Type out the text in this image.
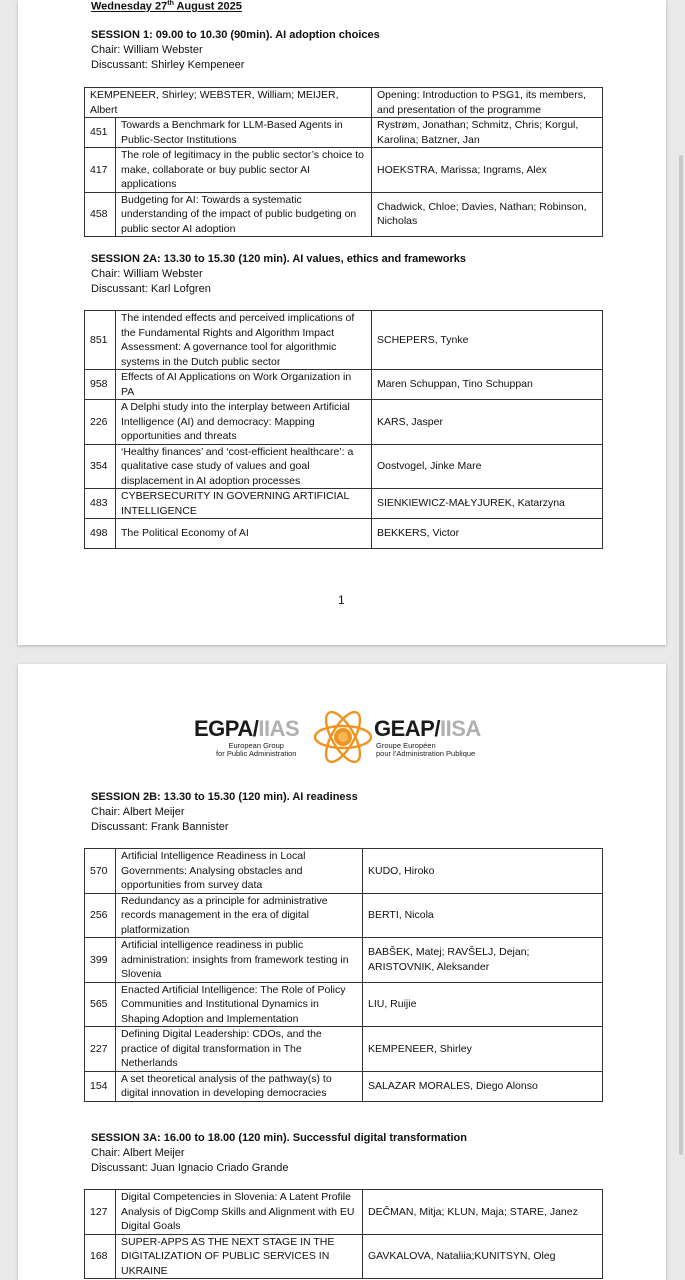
Wednesday 27th August 2025
SESSION 1: 09.00 to 10.30 (90min). AI adoption choices
Chair: William Webster
Discussant: Shirley Kempeneer
KEMPENEER, Shirley; WEBSTER, William; MEIJER, Albert		Opening: Introduction to PSG1, its members, and presentation of the programme
451	Towards a Benchmark for LLM-Based Agents in Public-Sector Institutions	Rystrøm, Jonathan; Schmitz, Chris; Korgul, Karolina; Batzner, Jan
417	The role of legitimacy in the public sector’s choice to make, collaborate or buy public sector AI applications	HOEKSTRA, Marissa; Ingrams, Alex
458	Budgeting for AI: Towards a systematic understanding of the impact of public budgeting on public sector AI adoption	Chadwick, Chloe; Davies, Nathan; Robinson, Nicholas
SESSION 2A: 13.30 to 15.30 (120 min). AI values, ethics and frameworks
Chair: William Webster
Discussant: Karl Lofgren
851	The intended effects and perceived implications of the Fundamental Rights and Algorithm Impact Assessment: A governance tool for algorithmic systems in the Dutch public sector	SCHEPERS, Tynke
958	Effects of AI Applications on Work Organization in PA	Maren Schuppan, Tino Schuppan
226	A Delphi study into the interplay between Artificial Intelligence (AI) and democracy: Mapping opportunities and threats	KARS, Jasper
354	‘Healthy finances’ and ‘cost-efficient healthcare’: a qualitative case study of values and goal displacement in AI adoption processes	Oostvogel, Jinke Mare
483	CYBERSECURITY IN GOVERNING ARTIFICIAL INTELLIGENCE	SIENKIEWICZ-MAŁYJUREK, Katarzyna
498	The Political Economy of AI	BEKKERS, Victor
1
EGPA/IIAS
European Group
for Public Administration
GEAP/IISA
Groupe Européen
pour l’Administration Publique
SESSION 2B: 13.30 to 15.30 (120 min). AI readiness
Chair: Albert Meijer
Discussant: Frank Bannister
570	Artificial Intelligence Readiness in Local Governments: Analysing obstacles and opportunities from survey data	KUDO, Hiroko
256	Redundancy as a principle for administrative records management in the era of digital platformization	BERTI, Nicola
399	Artificial intelligence readiness in public administration: insights from framework testing in Slovenia	BABŠEK, Matej; RAVŠELJ, Dejan; ARISTOVNIK, Aleksander
565	Enacted Artificial Intelligence: The Role of Policy Communities and Institutional Dynamics in Shaping Adoption and Implementation	LIU, Ruijie
227	Defining Digital Leadership: CDOs, and the practice of digital transformation in The Netherlands	KEMPENEER, Shirley
154	A set theoretical analysis of the pathway(s) to digital innovation in developing democracies	SALAZAR MORALES, Diego Alonso
SESSION 3A: 16.00 to 18.00 (120 min). Successful digital transformation
Chair: Albert Meijer
Discussant: Juan Ignacio Criado Grande
127	Digital Competencies in Slovenia: A Latent Profile Analysis of DigComp Skills and Alignment with EU Digital Goals	DEČMAN, Mitja; KLUN, Maja; STARE, Janez
168	SUPER-APPS AS THE NEXT STAGE IN THE DIGITALIZATION OF PUBLIC SERVICES IN UKRAINE	GAVKALOVA, Nataliia;KUNITSYN, Oleg
